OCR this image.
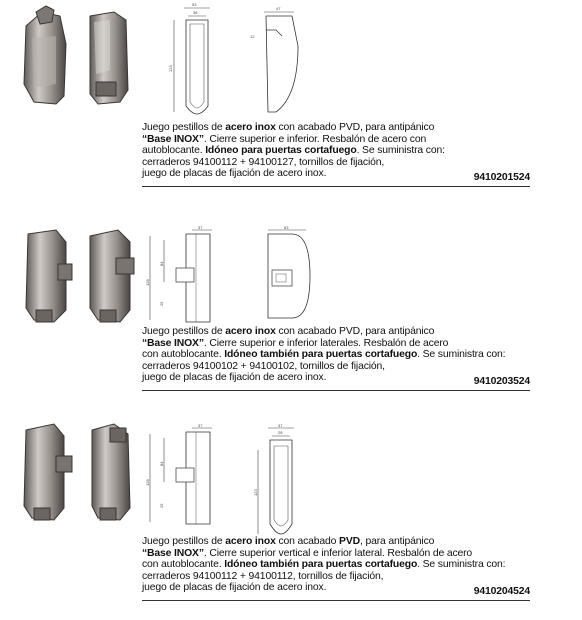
53
36
123
47
12

Juego pestillos de acero inox con acabado PVD, para antipánico

“Base INOX”. Cierre superior e inferior. Resbalón de acero con

autoblocante. Idóneo para puertas cortafuego. Se suministra con:

cerraderos 94100112 + 94100127, tornillos de fijación,

juego de placas de fijación de acero inox.	9410201524
37
128
84
25
63

Juego pestillos de acero inox con acabado PVD, para antipánico

“Base INOX”. Cierre superior e inferior laterales. Resbalón de acero

con autoblocante. Idóneo también para puertas cortafuego. Se suministra con:

cerraderos 94100102 + 94100102, tornillos de fijación,

juego de placas de fijación de acero inox.	9410203524
37
128
84
25
37
28
123

Juego pestillos de acero inox con acabado PVD, para antipánico

“Base INOX”. Cierre superior vertical e inferior lateral. Resbalón de acero

con autoblocante. Idóneo también para puertas cortafuego. Se suministra con:

cerraderos 94100112 + 94100112, tornillos de fijación,

juego de placas de fijación de acero inox.	9410204524
